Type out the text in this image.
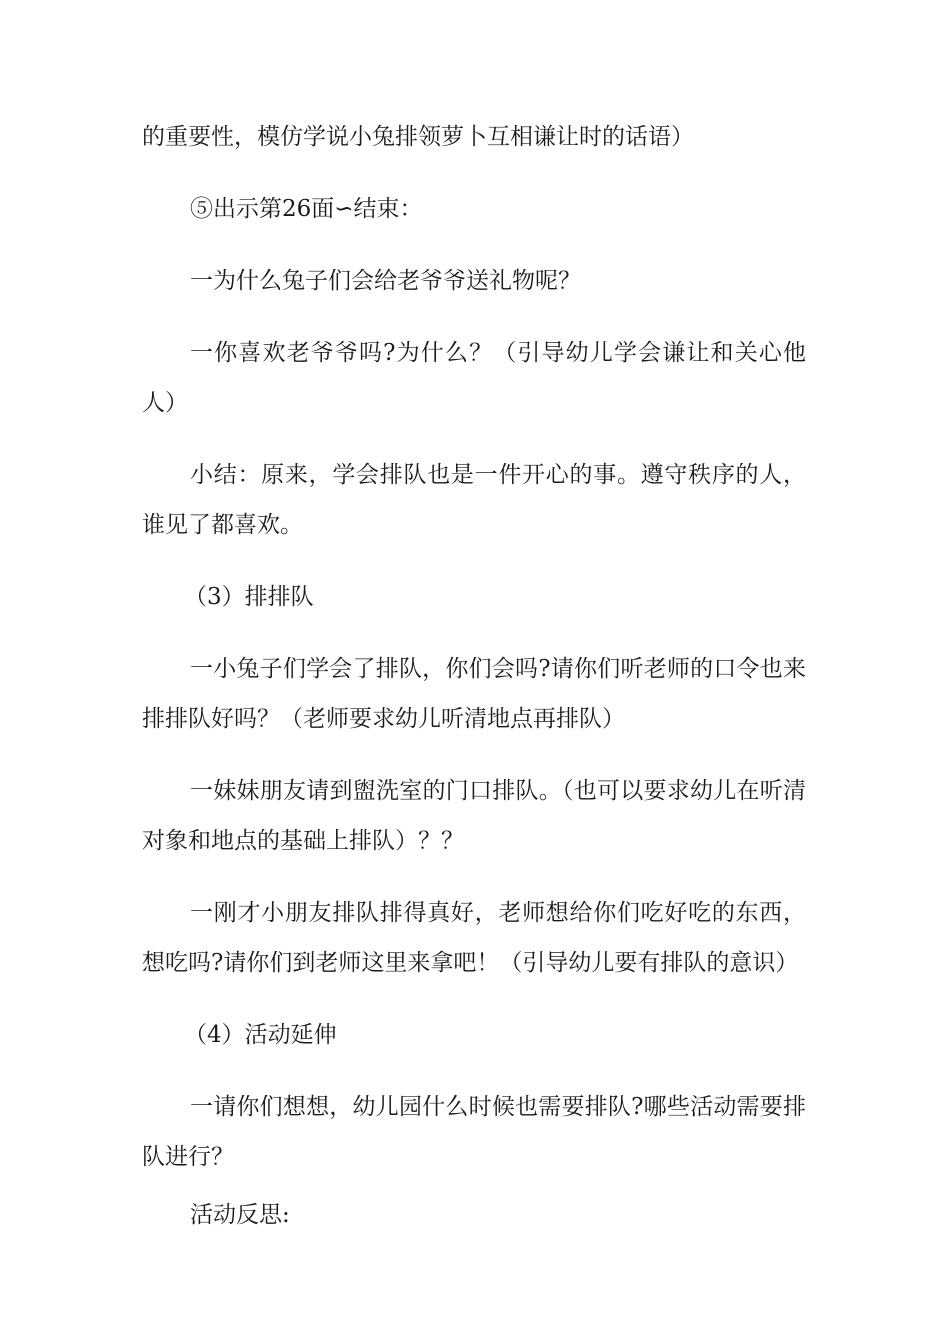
的重要性，模仿学说小兔排领萝卜互相谦让时的话语）

⑤出示第26面∽结束：

一为什么兔子们会给老爷爷送礼物呢？

一你喜欢老爷爷吗?为什么？（引导幼儿学会谦让和关心他人）

小结：原来，学会排队也是一件开心的事。遵守秩序的人，谁见了都喜欢。

（3）排排队

一小兔子们学会了排队，你们会吗?请你们听老师的口令也来排排队好吗？（老师要求幼儿听清地点再排队）

一妹妹朋友请到盥洗室的门口排队。（也可以要求幼儿在听清对象和地点的基础上排队）？？

一刚才小朋友排队排得真好，老师想给你们吃好吃的东西，想吃吗?请你们到老师这里来拿吧！（引导幼儿要有排队的意识）

（4）活动延伸

一请你们想想，幼儿园什么时候也需要排队?哪些活动需要排队进行？

活动反思:
